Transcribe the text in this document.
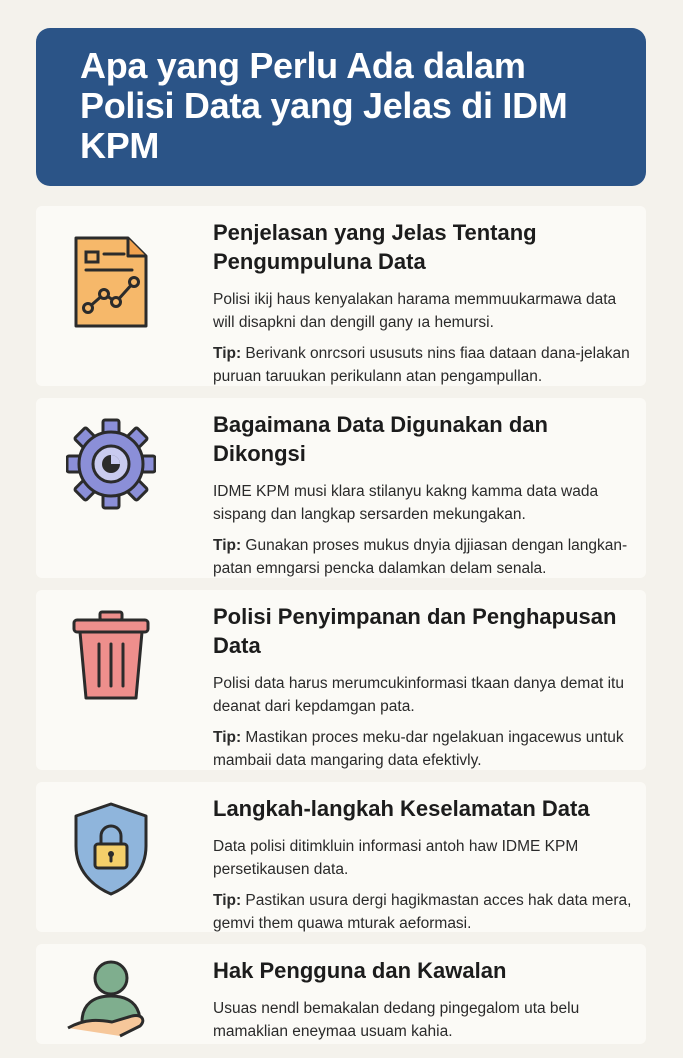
Apa yang Perlu Ada dalam Polisi Data yang Jelas di IDM KPM
Penjelasan yang Jelas Tentang Pengumpuluna Data

Polisi ikij haus kenyalakan harama memmuukarmawa data will disapkni dan dengill gany ıa hemursi.

Tip: Berivank onrcsori ususuts nins fiaa dataan dana-jelakan puruan taruukan perikulann atan pengampullan.

Bagaimana Data Digunakan dan Dikongsi

IDME KPM musi klara stilanyu kakng kamma data wada sispang dan langkap sersarden mekungakan.

Tip: Gunakan proses mukus dnyia djjiasan dengan langkan-patan emngarsi pencka dalamkan delam senala.

Polisi Penyimpanan dan Penghapusan Data

Polisi data harus merumcukinformasi tkaan danya demat itu deanat dari kepdamgan pata.

Tip: Mastikan proces meku-dar ngelakuan ingacewus untuk mambaii data mangaring data efektivly.

Langkah-langkah Keselamatan Data

Data polisi ditimkluin informasi antoh haw IDME KPM persetikausen data.

Tip: Pastikan usura dergi hagikmastan acces hak data mera, gemvi them quawa mturak aeformasi.

Hak Pengguna dan Kawalan

Usuas nendl bemakalan dedang pingegalom uta belu mamaklian eneymaa usuam kahia.
